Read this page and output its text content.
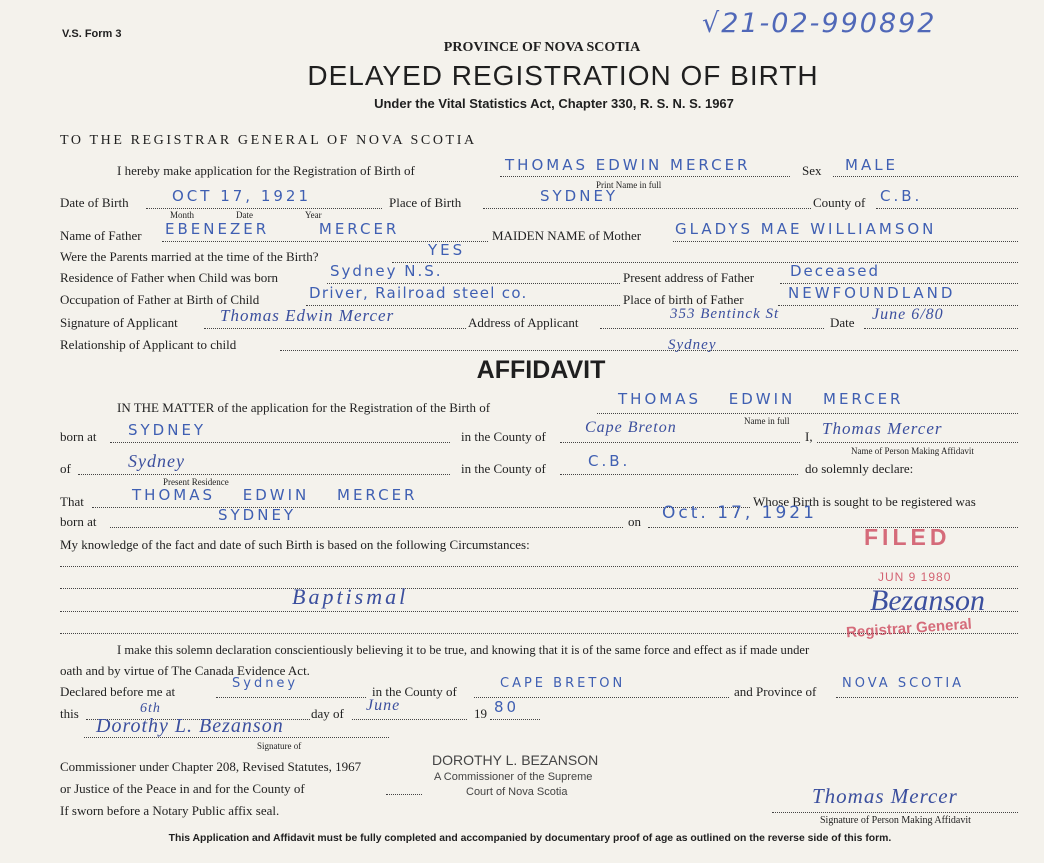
V.S. Form 3	√21-02-990892
PROVINCE OF NOVA SCOTIA
DELAYED REGISTRATION OF BIRTH
Under the Vital Statistics Act, Chapter 330, R. S. N. S. 1967
TO THE REGISTRAR GENERAL OF NOVA SCOTIA
I hereby make application for the Registration of Birth of	THOMAS EDWIN MERCER	Sex MALE
Print Name in full
Date of Birth	OCT 17, 1921	Place of Birth	SYDNEY	County of C.B.
Month	Date	Year
Name of Father EBENEZER MERCER	MAIDEN NAME of Mother GLADYS MAE WILLIAMSON
Were the Parents married at the time of the Birth?	YES
Residence of Father when Child was born	Sydney N.S.	Present address of Father Deceased
Occupation of Father at Birth of Child	Driver, Railroad steel co.	Place of birth of Father	NEWFOUNDLAND
Signature of Applicant Thomas Edwin Mercer	Address of Applicant
353 Bentinck St
Date June 6/80
Relationship of Applicant to child	Sydney
AFFIDAVIT
IN THE MATTER of the application for the Registration of the Birth of	THOMAS EDWIN MERCER
Name in full
born at SYDNEY	in the County of
Cape Breton
I, Thomas Mercer
Name of Person Making Affidavit
of	Sydney	in the County of	C.B.	do solemnly declare:
Present Residence
That	THOMAS EDWIN MERCER	Whose Birth is sought to be registered was
born at	SYDNEY	on Oct. 17, 1921
My knowledge of the fact and date of such Birth is based on the following Circumstances:
Baptismal
FILED
JUN 9 1980
Registrar General
Bezanson
I make this solemn declaration conscientiously believing it to be true, and knowing that it is of the same force and effect as if made under
oath and by virtue of The Canada Evidence Act.
Declared before me at
Sydney
in the County of
CAPE BRETON
and Province of
NOVA SCOTIA
this	6th	day of June	19 80
Dorothy L. Bezanson
Signature of
Commissioner under Chapter 208, Revised Statutes, 1967
or Justice of the Peace in and for the County of
If sworn before a Notary Public affix seal.
DOROTHY L. BEZANSON
A Commissioner of the Supreme
Court of Nova Scotia	Thomas Mercer
Signature of Person Making Affidavit
This Application and Affidavit must be fully completed and accompanied by documentary proof of age as outlined on the reverse side of this form.
